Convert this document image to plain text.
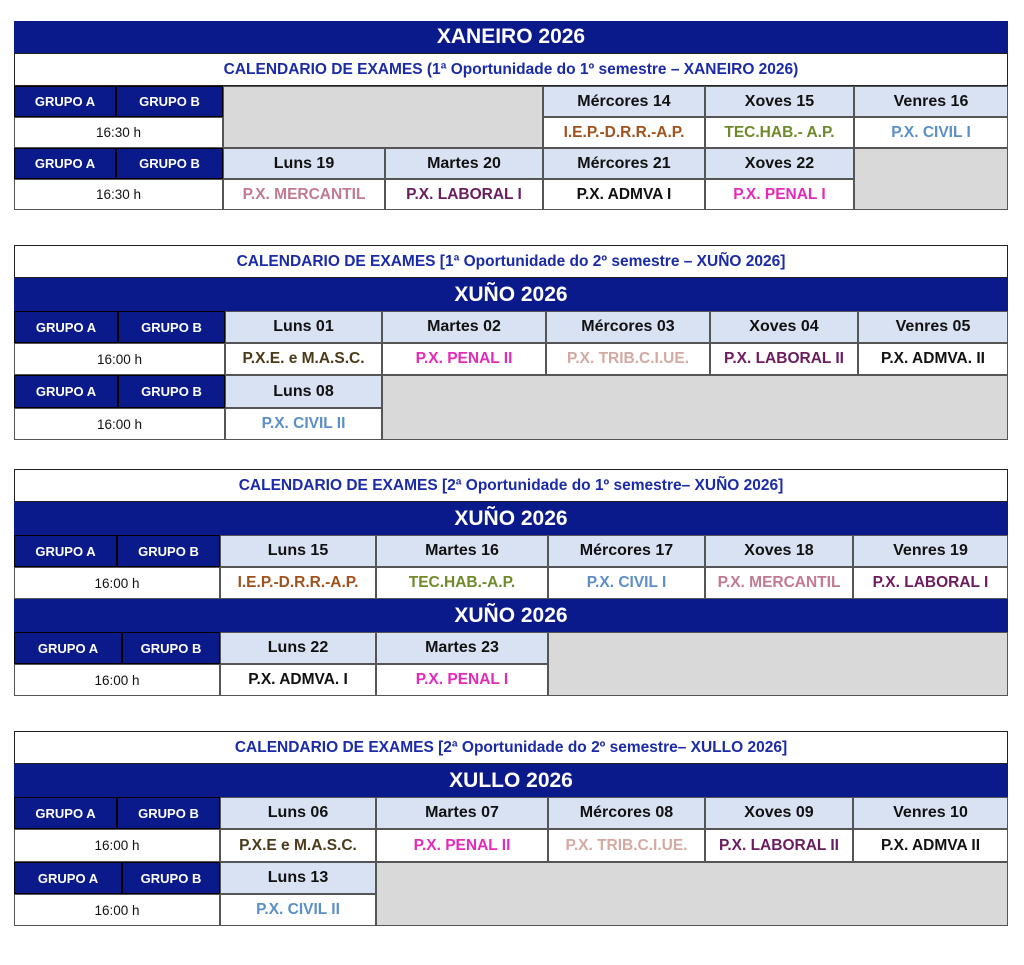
XANEIRO 2026
CALENDARIO DE EXAMES (1ª Oportunidade do 1º semestre – XANEIRO 2026)
GRUPO A	GRUPO B	Mércores 14	Xoves 15	Venres 16
16:30 h	I.E.P.-D.R.R.-A.P.	TEC.HAB.- A.P.	P.X. CIVIL I
GRUPO A	GRUPO B	Luns 19	Martes 20	Mércores 21	Xoves 22
16:30 h	P.X. MERCANTIL	P.X. LABORAL I	P.X. ADMVA I	P.X. PENAL I
CALENDARIO DE EXAMES [1ª Oportunidade do 2º semestre – XUÑO 2026]
XUÑO 2026
GRUPO A	GRUPO B	Luns 01	Martes 02	Mércores 03	Xoves 04	Venres 05
16:00 h	P.X.E. e M.A.S.C.	P.X. PENAL II	P.X. TRIB.C.I.UE.	P.X. LABORAL II	P.X. ADMVA. II
GRUPO A	GRUPO B	Luns 08
16:00 h	P.X. CIVIL II
CALENDARIO DE EXAMES [2ª Oportunidade do 1º semestre– XUÑO 2026]
XUÑO 2026
GRUPO A	GRUPO B	Luns 15	Martes 16	Mércores 17	Xoves 18	Venres 19
16:00 h	I.E.P.-D.R.R.-A.P.	TEC.HAB.-A.P.	P.X. CIVIL I	P.X. MERCANTIL	P.X. LABORAL I
XUÑO 2026
GRUPO A	GRUPO B	Luns 22	Martes 23
16:00 h	P.X. ADMVA. I	P.X. PENAL I
CALENDARIO DE EXAMES [2ª Oportunidade do 2º semestre– XULLO 2026]
XULLO 2026
GRUPO A	GRUPO B	Luns 06	Martes 07	Mércores 08	Xoves 09	Venres 10
16:00 h	P.X.E e M.A.S.C.	P.X. PENAL II	P.X. TRIB.C.I.UE.	P.X. LABORAL II	P.X. ADMVA II
GRUPO A	GRUPO B	Luns 13
16:00 h	P.X. CIVIL II
